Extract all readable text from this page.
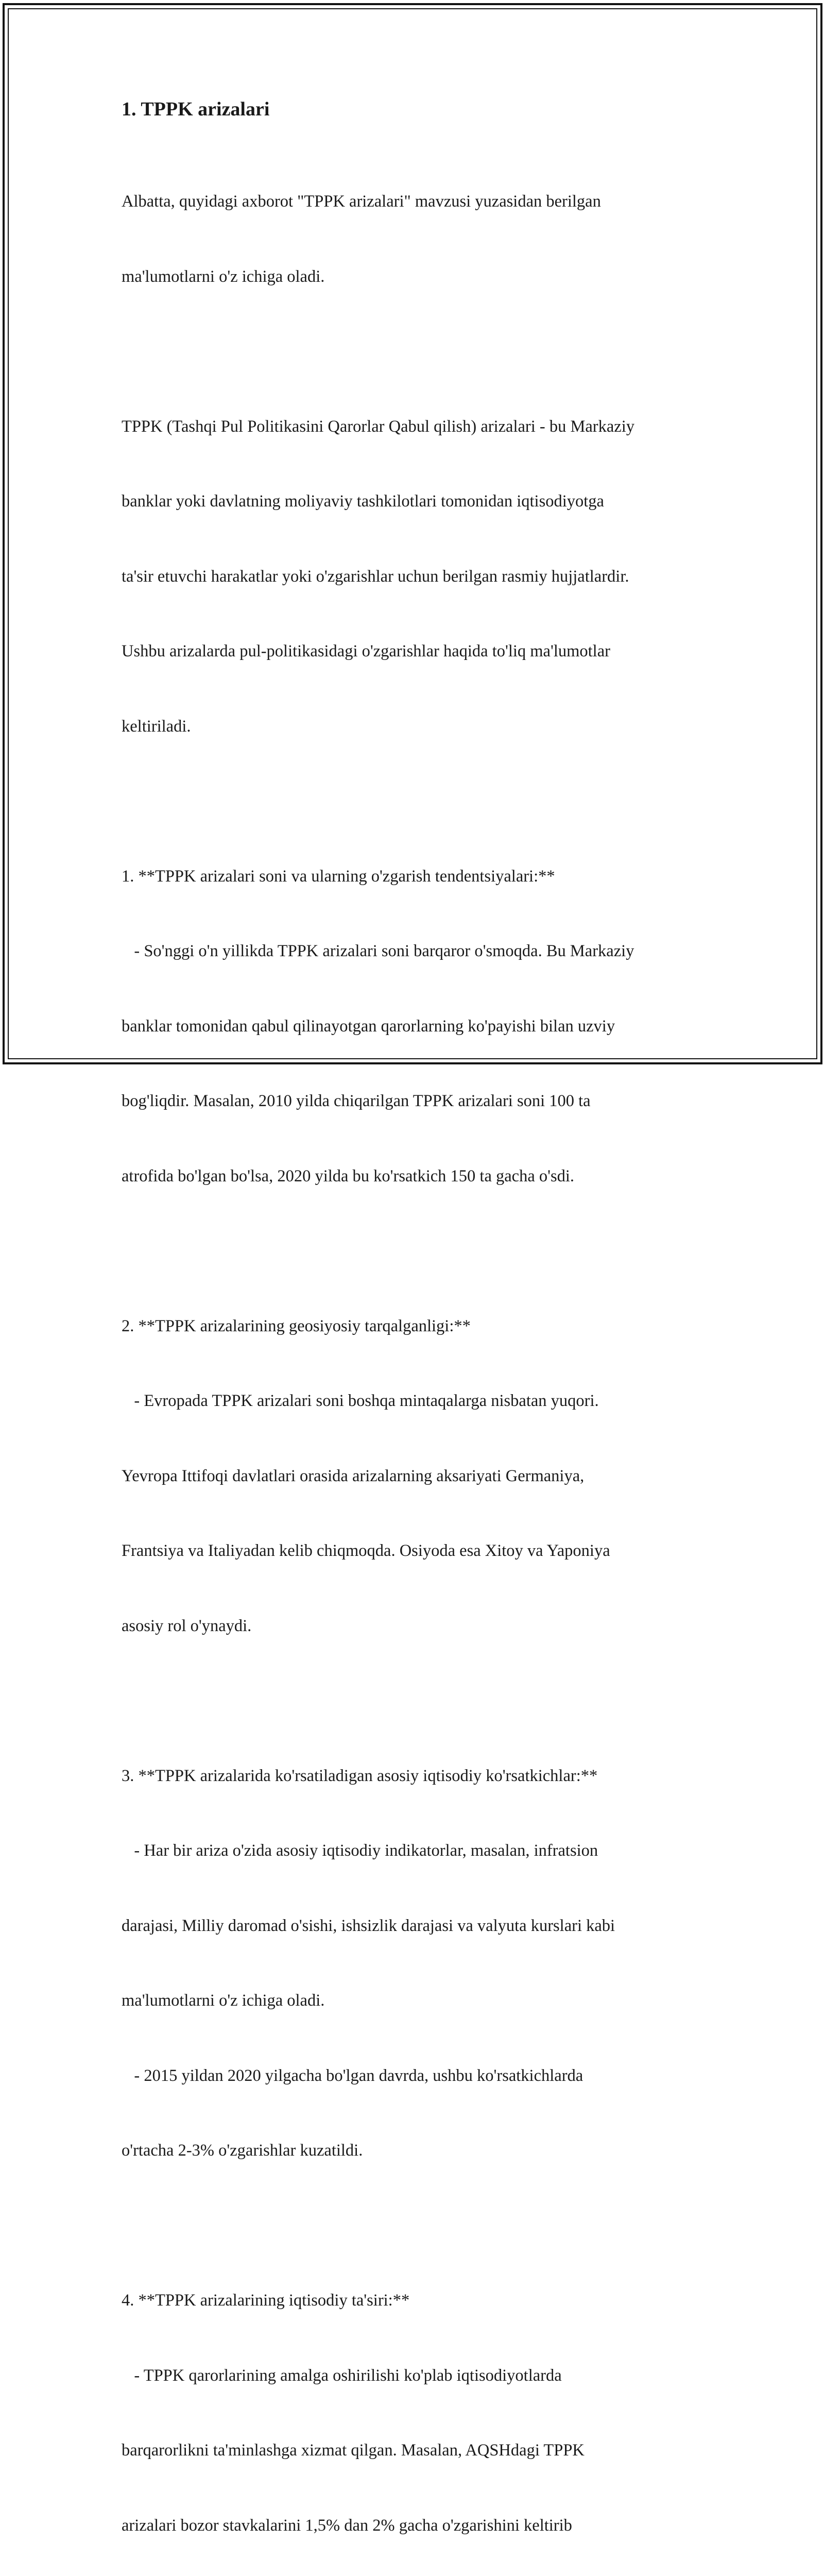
1. TPPK arizalari

Albatta, quyidagi axborot "TPPK arizalari" mavzusi yuzasidan berilgan

ma'lumotlarni o'z ichiga oladi.

TPPK (Tashqi Pul Politikasini Qarorlar Qabul qilish) arizalari - bu Markaziy

banklar yoki davlatning moliyaviy tashkilotlari tomonidan iqtisodiyotga

ta'sir etuvchi harakatlar yoki o'zgarishlar uchun berilgan rasmiy hujjatlardir.

Ushbu arizalarda pul-politikasidagi o'zgarishlar haqida to'liq ma'lumotlar

keltiriladi.

1. **TPPK arizalari soni va ularning o'zgarish tendentsiyalari:**

- So'nggi o'n yillikda TPPK arizalari soni barqaror o'smoqda. Bu Markaziy

banklar tomonidan qabul qilinayotgan qarorlarning ko'payishi bilan uzviy

bog'liqdir. Masalan, 2010 yilda chiqarilgan TPPK arizalari soni 100 ta

atrofida bo'lgan bo'lsa, 2020 yilda bu ko'rsatkich 150 ta gacha o'sdi.

2. **TPPK arizalarining geosiyosiy tarqalganligi:**

- Evropada TPPK arizalari soni boshqa mintaqalarga nisbatan yuqori.

Yevropa Ittifoqi davlatlari orasida arizalarning aksariyati Germaniya,

Frantsiya va Italiyadan kelib chiqmoqda. Osiyoda esa Xitoy va Yaponiya

asosiy rol o'ynaydi.

3. **TPPK arizalarida ko'rsatiladigan asosiy iqtisodiy ko'rsatkichlar:**

- Har bir ariza o'zida asosiy iqtisodiy indikatorlar, masalan, infratsion

darajasi, Milliy daromad o'sishi, ishsizlik darajasi va valyuta kurslari kabi

ma'lumotlarni o'z ichiga oladi.

- 2015 yildan 2020 yilgacha bo'lgan davrda, ushbu ko'rsatkichlarda

o'rtacha 2-3% o'zgarishlar kuzatildi.

4. **TPPK arizalarining iqtisodiy ta'siri:**

- TPPK qarorlarining amalga oshirilishi ko'plab iqtisodiyotlarda

barqarorlikni ta'minlashga xizmat qilgan. Masalan, AQSHdagi TPPK

arizalari bozor stavkalarini 1,5% dan 2% gacha o'zgarishini keltirib
